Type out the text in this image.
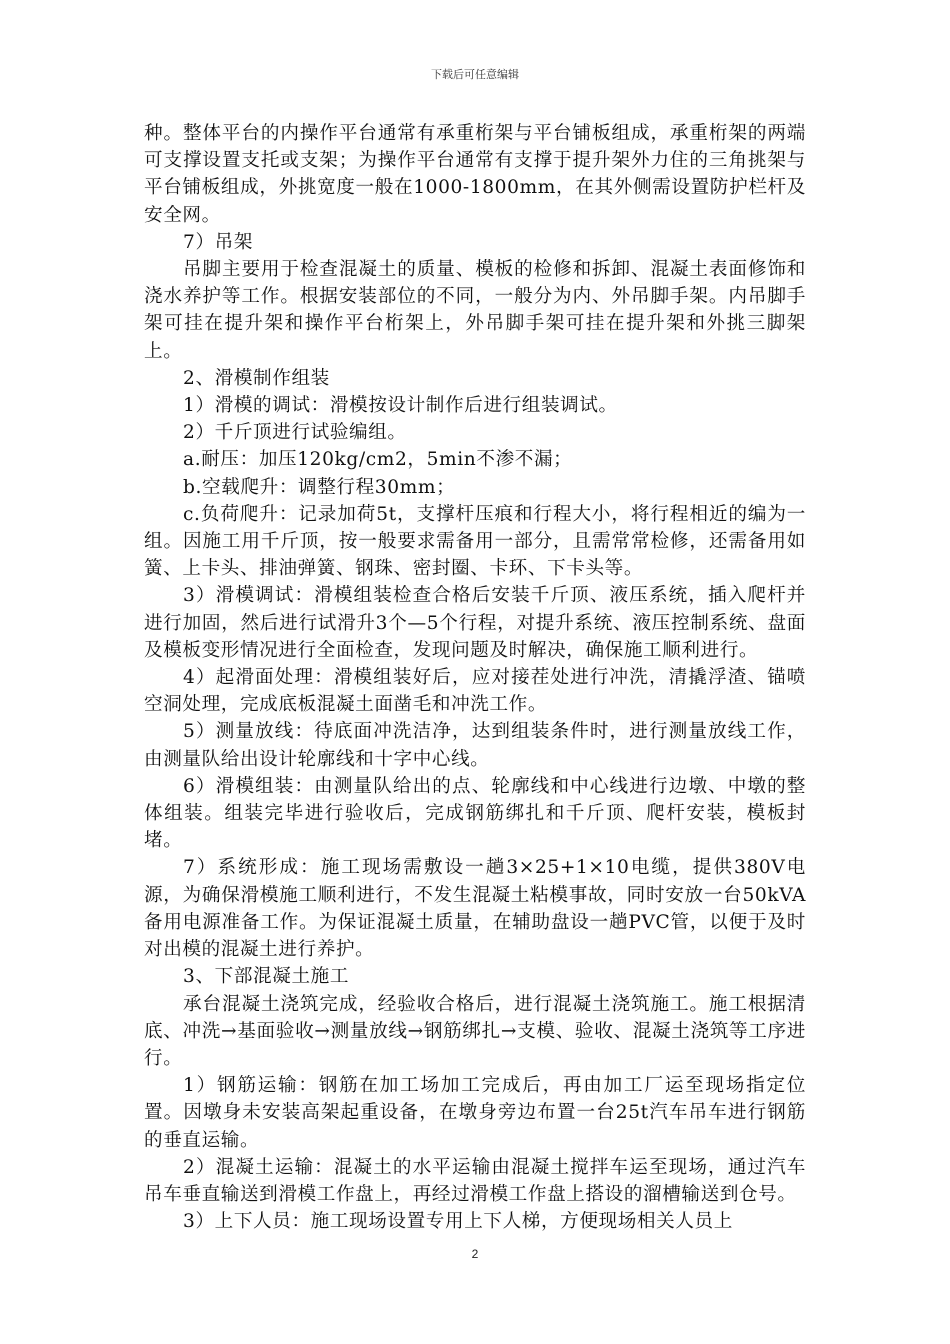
下载后可任意编辑

种。整体平台的内操作平台通常有承重桁架与平台铺板组成，承重桁架的两端可支撑设置支托或支架；为操作平台通常有支撑于提升架外力住的三角挑架与平台铺板组成，外挑宽度一般在1000-1800mm，在其外侧需设置防护栏杆及安全网。

7）吊架

吊脚主要用于检查混凝土的质量、模板的检修和拆卸、混凝土表面修饰和浇水养护等工作。根据安装部位的不同，一般分为内、外吊脚手架。内吊脚手架可挂在提升架和操作平台桁架上，外吊脚手架可挂在提升架和外挑三脚架上。

2、滑模制作组装

1）滑模的调试：滑模按设计制作后进行组装调试。

2）千斤顶进行试验编组。

a.耐压：加压120kg/cm2，5min不渗不漏；

b.空载爬升：调整行程30mm；

c.负荷爬升：记录加荷5t，支撑杆压痕和行程大小，将行程相近的编为一组。因施工用千斤顶，按一般要求需备用一部分，且需常常检修，还需备用如簧、上卡头、排油弹簧、钢珠、密封圈、卡环、下卡头等。

3）滑模调试：滑模组装检查合格后安装千斤顶、液压系统，插入爬杆并进行加固，然后进行试滑升3个—5个行程，对提升系统、液压控制系统、盘面及模板变形情况进行全面检查，发现问题及时解决，确保施工顺利进行。

4）起滑面处理：滑模组装好后，应对接茬处进行冲洗，清撬浮渣、锚喷空洞处理，完成底板混凝土面凿毛和冲洗工作。

5）测量放线：待底面冲洗洁净，达到组装条件时，进行测量放线工作，由测量队给出设计轮廓线和十字中心线。

6）滑模组装：由测量队给出的点、轮廓线和中心线进行边墩、中墩的整体组装。组装完毕进行验收后，完成钢筋绑扎和千斤顶、爬杆安装，模板封堵。

7）系统形成：施工现场需敷设一趟3×25+1×10电缆，提供380V电源，为确保滑模施工顺利进行，不发生混凝土粘模事故，同时安放一台50kVA备用电源准备工作。为保证混凝土质量，在辅助盘设一趟PVC管，以便于及时对出模的混凝土进行养护。

3、下部混凝土施工

承台混凝土浇筑完成，经验收合格后，进行混凝土浇筑施工。施工根据清底、冲洗→基面验收→测量放线→钢筋绑扎→支模、验收、混凝土浇筑等工序进行。

1）钢筋运输：钢筋在加工场加工完成后，再由加工厂运至现场指定位置。因墩身未安装高架起重设备，在墩身旁边布置一台25t汽车吊车进行钢筋的垂直运输。

2）混凝土运输：混凝土的水平运输由混凝土搅拌车运至现场，通过汽车吊车垂直输送到滑模工作盘上，再经过滑模工作盘上搭设的溜槽输送到仓号。

3）上下人员：施工现场设置专用上下人梯，方便现场相关人员上

2
